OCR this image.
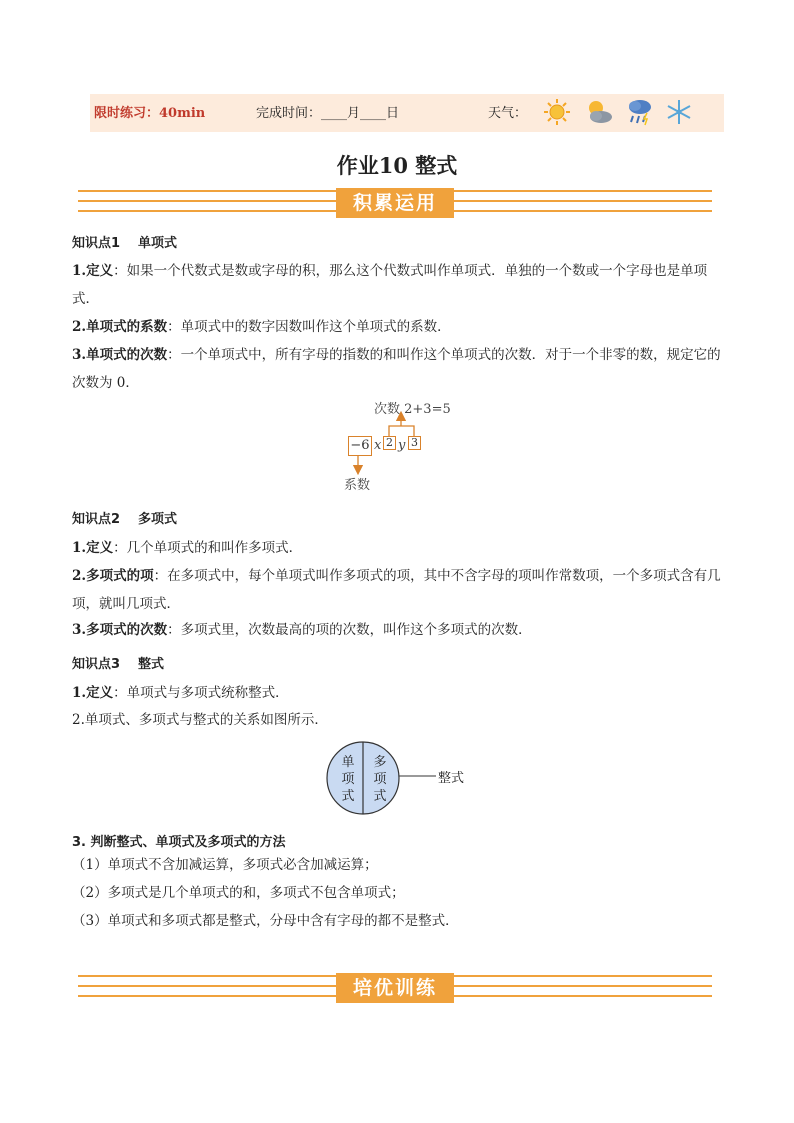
限时练习：40min	完成时间：____月____日	天气：
作业10 整式
积累运用
知识点1 单项式
1.定义：如果一个代数式是数或字母的积，那么这个代数式叫作单项式．单独的一个数或一个字母也是单项式．
2.单项式的系数：单项式中的数字因数叫作这个单项式的系数．
3.单项式的次数：一个单项式中，所有字母的指数的和叫作这个单项式的次数．对于一个非零的数，规定它的次数为 0．
次数 2+3=5
−6 x 2 y 3
系数
知识点2 多项式
1.定义：几个单项式的和叫作多项式．
2.多项式的项：在多项式中，每个单项式叫作多项式的项，其中不含字母的项叫作常数项，一个多项式含有几项，就叫几项式．
3.多项式的次数：多项式里，次数最高的项的次数，叫作这个多项式的次数．
知识点3 整式
1.定义：单项式与多项式统称整式．
2.单项式、多项式与整式的关系如图所示．
单
项
式
多
项
式
整式
3. 判断整式、单项式及多项式的方法
（1）单项式不含加减运算，多项式必含加减运算；
（2）多项式是几个单项式的和，多项式不包含单项式；
（3）单项式和多项式都是整式，分母中含有字母的都不是整式．
培优训练
